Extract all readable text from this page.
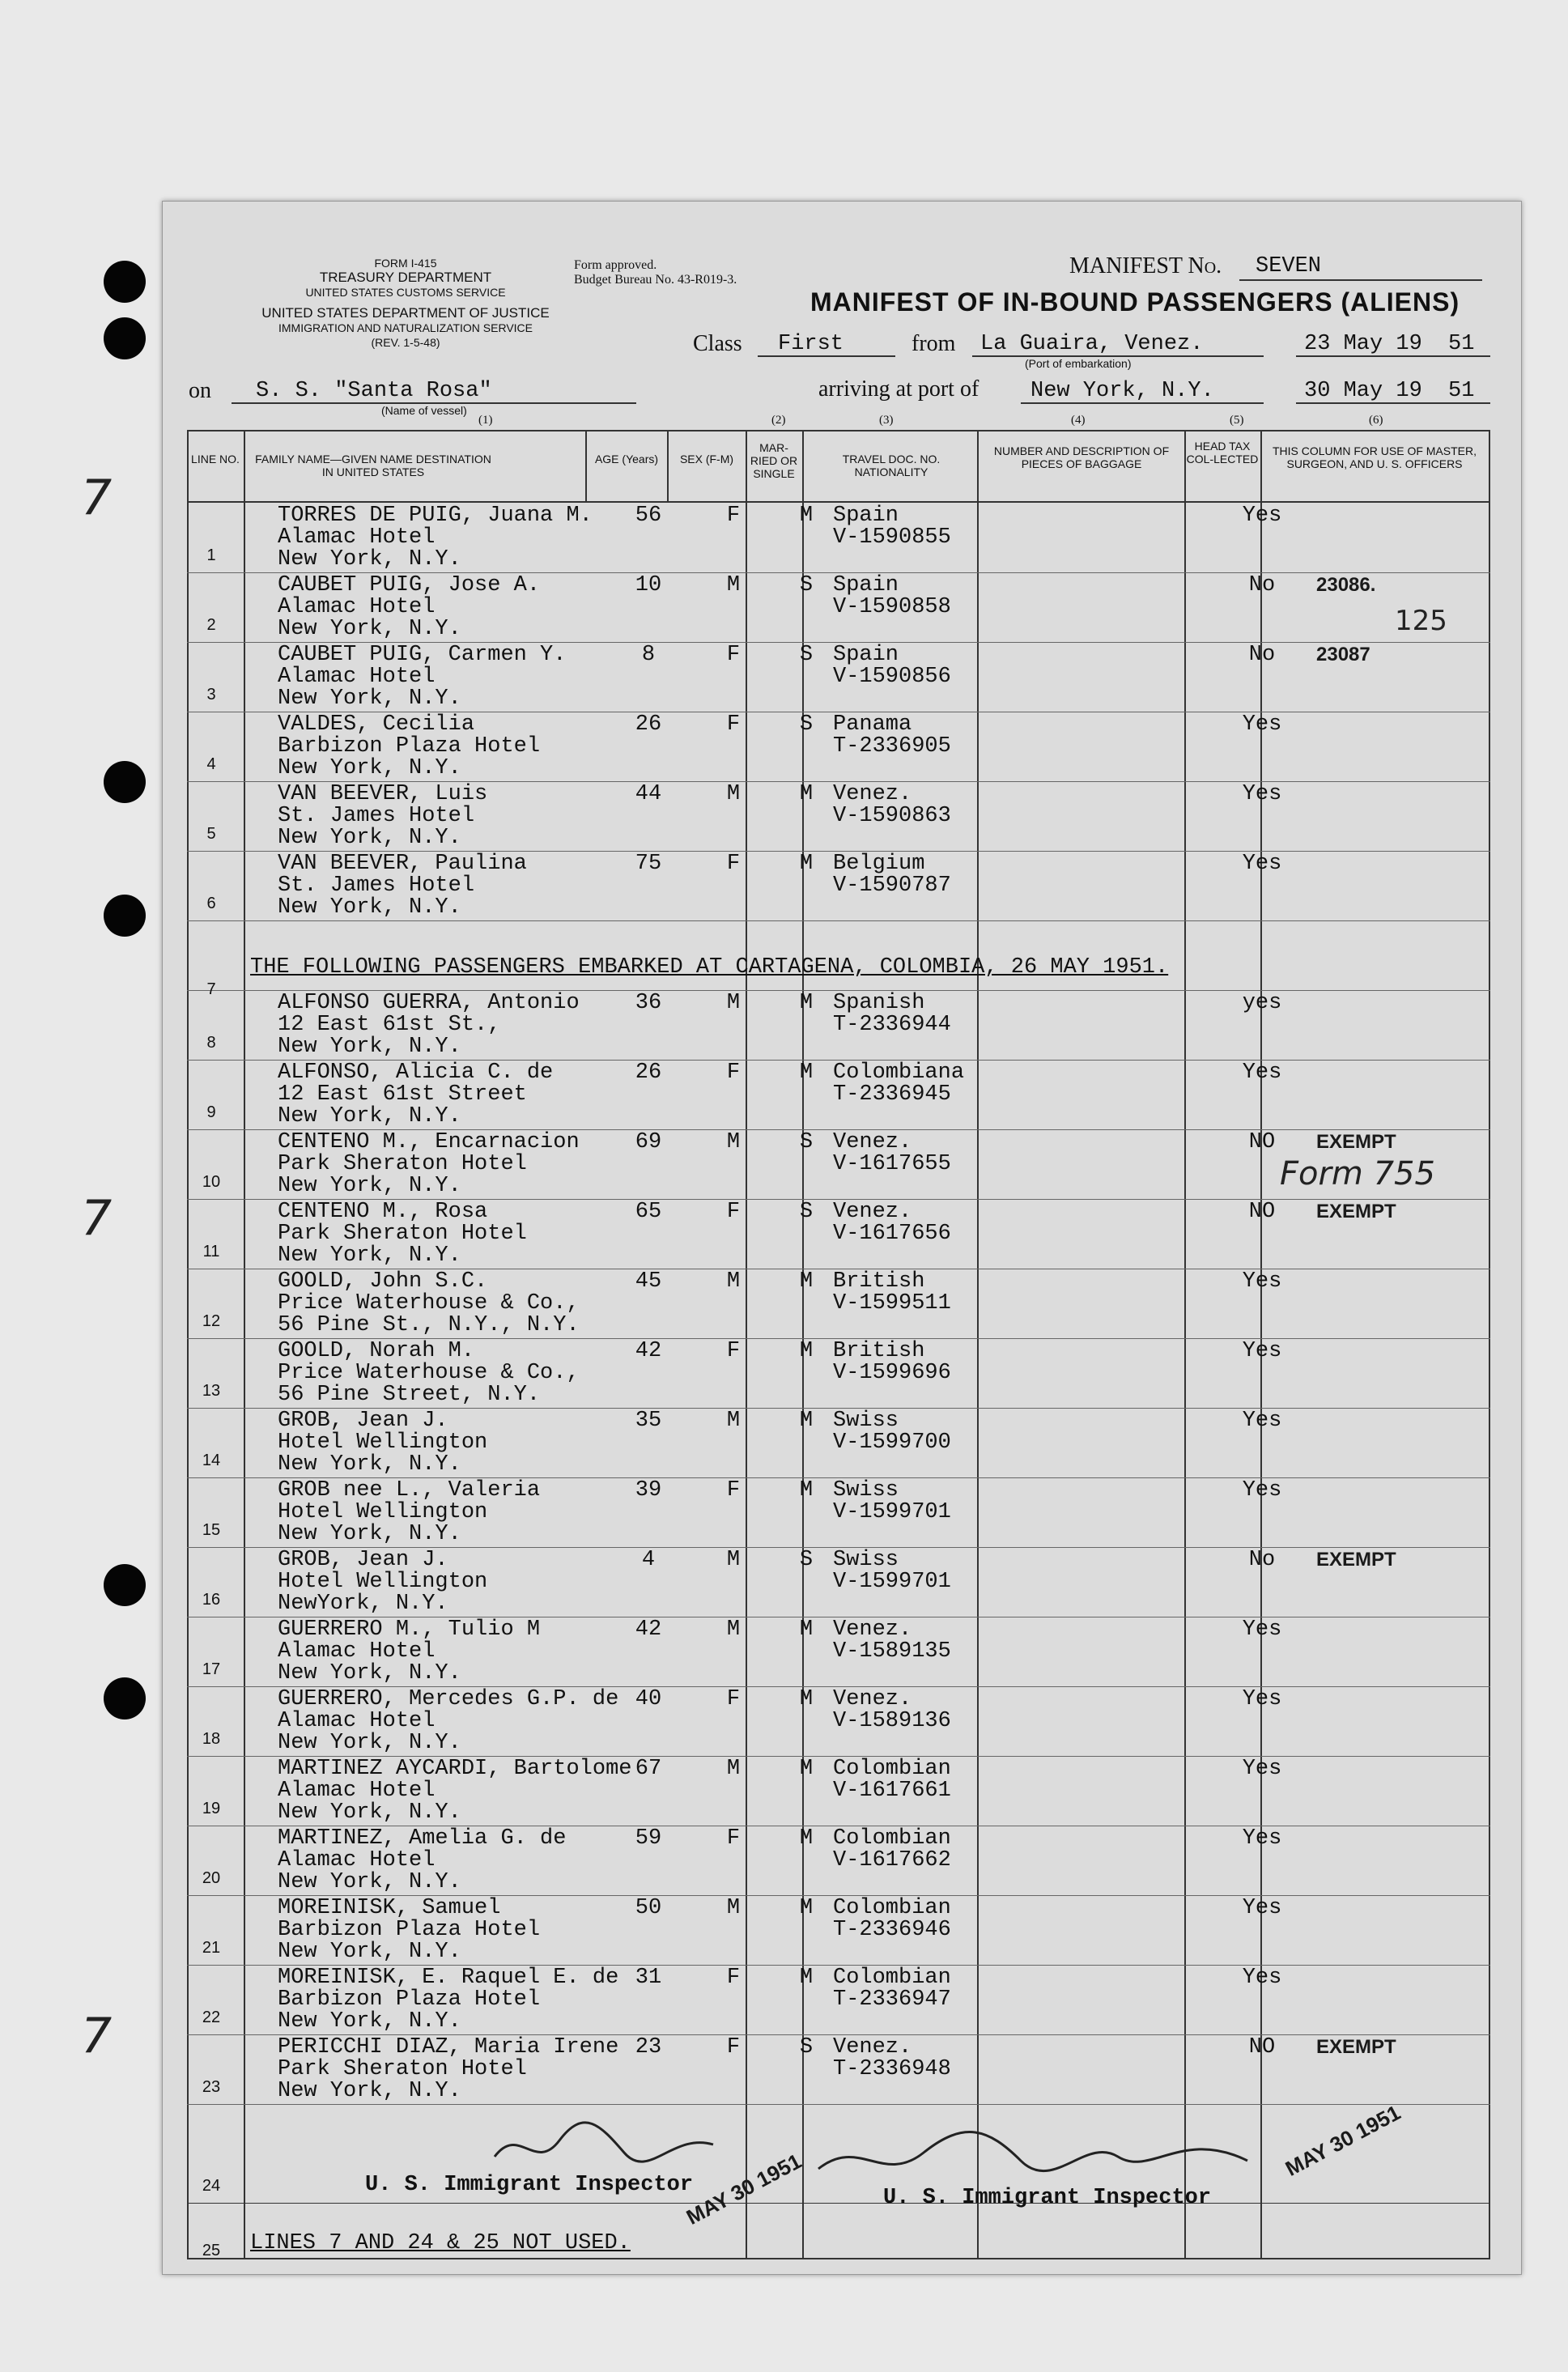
FORM I-415
TREASURY DEPARTMENT
UNITED STATES CUSTOMS SERVICE
UNITED STATES DEPARTMENT OF JUSTICE
IMMIGRATION AND NATURALIZATION SERVICE
(REV. 1-5-48)
Form approved.
Budget Bureau No. 43-R019-3.
MANIFEST No. SEVEN
MANIFEST OF IN-BOUND PASSENGERS (ALIENS)
Class First	from La Guaira, Venez.
(Port of embarkation)
23 May 19 51
on S. S. "Santa Rosa"
(Name of vessel)
arriving at port of New York, N.Y.	30 May 19 51
(1)	(2)	(3)	(4)	(5)	(6)
LINE NO. FAMILY NAME—GIVEN NAME DESTINATION IN UNITED STATES
AGE (Years)	SEX (F-M)
MAR-RIED OR SINGLE
TRAVEL DOC. NO. NATIONALITY
NUMBER AND DESCRIPTION OF PIECES OF BAGGAGE
HEAD TAX COL-LECTED
THIS COLUMN FOR USE OF MASTER, SURGEON, AND U. S. OFFICERS
1
TORRES DE PUIG, Juana M.
Alamac Hotel
New York, N.Y.
56	F	M Spain
V-1590855
Yes
2
CAUBET PUIG, Jose A.
Alamac Hotel
New York, N.Y.
10	M	S Spain
V-1590858
No	23086.
3
CAUBET PUIG, Carmen Y.
Alamac Hotel
New York, N.Y.
8	F	S Spain
V-1590856
No	23087
4
VALDES, Cecilia
Barbizon Plaza Hotel
New York, N.Y.
26	F	S Panama
T-2336905
Yes
5
VAN BEEVER, Luis
St. James Hotel
New York, N.Y.
44	M	M Venez.
V-1590863
Yes
6
VAN BEEVER, Paulina
St. James Hotel
New York, N.Y.
75	F	M Belgium
V-1590787
Yes
8
ALFONSO GUERRA, Antonio
12 East 61st St.,
New York, N.Y.
36	M	M Spanish
T-2336944
yes
9
ALFONSO, Alicia C. de
12 East 61st Street
New York, N.Y.
26	F	M Colombiana
T-2336945
Yes
10
CENTENO M., Encarnacion
Park Sheraton Hotel
New York, N.Y.
69	M	S Venez.
V-1617655
NO	EXEMPT
11
CENTENO M., Rosa
Park Sheraton Hotel
New York, N.Y.
65	F	S Venez.
V-1617656
NO	EXEMPT
12
GOOLD, John S.C.
Price Waterhouse & Co.,
56 Pine St., N.Y., N.Y.
45	M	M British
V-1599511
Yes
13
GOOLD, Norah M.
Price Waterhouse & Co.,
56 Pine Street, N.Y.
42	F	M British
V-1599696
Yes
14
GROB, Jean J.
Hotel Wellington
New York, N.Y.
35	M	M Swiss
V-1599700
Yes
15
GROB nee L., Valeria
Hotel Wellington
New York, N.Y.
39	F	M Swiss
V-1599701
Yes
16
GROB, Jean J.
Hotel Wellington
NewYork, N.Y.
4	M	S Swiss
V-1599701
No	EXEMPT
17
GUERRERO M., Tulio M
Alamac Hotel
New York, N.Y.
42	M	M Venez.
V-1589135
Yes
18
GUERRERO, Mercedes G.P. de
Alamac Hotel
New York, N.Y.
40	F	M Venez.
V-1589136
Yes
19
MARTINEZ AYCARDI, Bartolome
Alamac Hotel
New York, N.Y.
67	M	M Colombian
V-1617661
Yes
20
MARTINEZ, Amelia G. de
Alamac Hotel
New York, N.Y.
59	F	M Colombian
V-1617662
Yes
21
MOREINISK, Samuel
Barbizon Plaza Hotel
New York, N.Y.
50	M	M Colombian
T-2336946
Yes
22
MOREINISK, E. Raquel E. de
Barbizon Plaza Hotel
New York, N.Y.
31	F	M Colombian
T-2336947
Yes
23
PERICCHI DIAZ, Maria Irene
Park Sheraton Hotel
New York, N.Y.
23	F	S Venez.
T-2336948
NO	EXEMPT
7
THE FOLLOWING PASSENGERS EMBARKED AT CARTAGENA, COLOMBIA, 26 MAY 1951.
24
25
U. S. Immigrant Inspector
U. S. Immigrant Inspector
LINES 7 AND 24 & 25 NOT USED.
MAY 30 1951
MAY 30 1951
125
Form 755
7
7
7
